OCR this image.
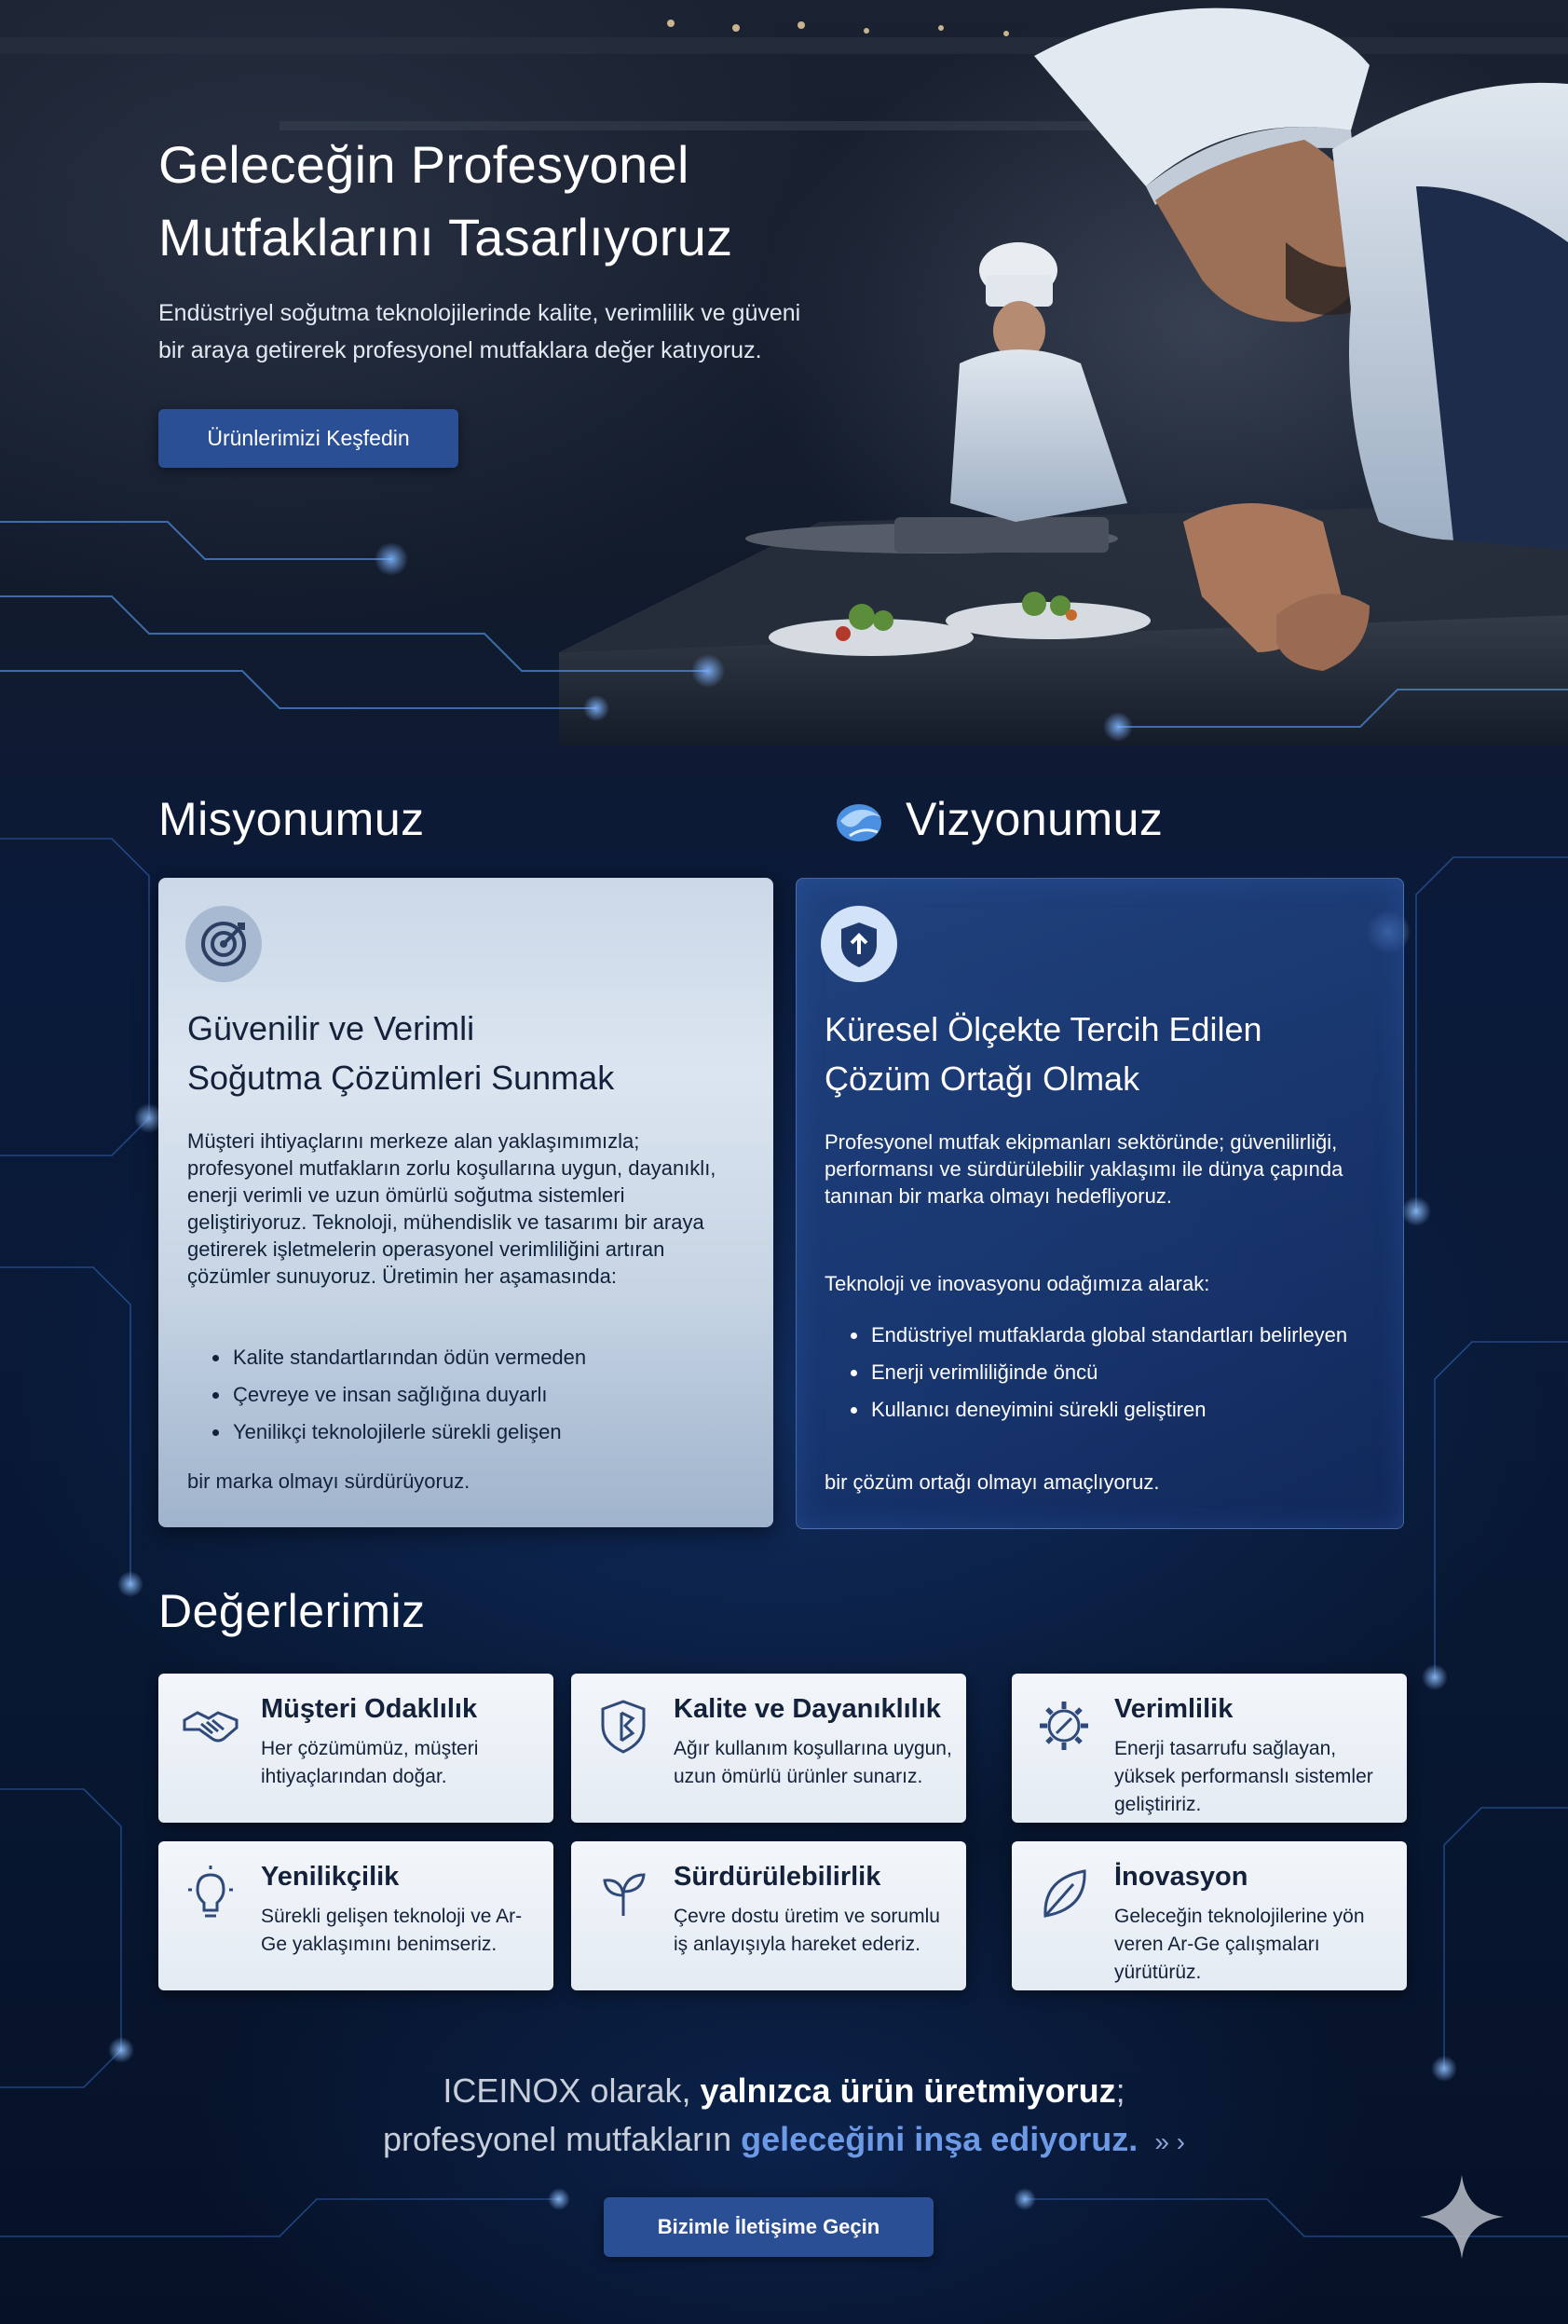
Geleceğin Profesyonel
Mutfaklarını Tasarlıyoruz

Endüstriyel soğutma teknolojilerinde kalite, verimlilik ve güveni
bir araya getirerek profesyonel mutfaklara değer katıyoruz.

Ürünlerimizi Keşfedin
Misyonumuz	Vizyonumuz
Güvenilir ve Verimli
Soğutma Çözümleri Sunmak

Müşteri ihtiyaçlarını merkeze alan yaklaşımımızla; profesyonel mutfakların zorlu koşullarına uygun, dayanıklı, enerji verimli ve uzun ömürlü soğutma sistemleri geliştiriyoruz. Teknoloji, mühendislik ve tasarımı bir araya getirerek işletmelerin operasyonel verimliliğini artıran çözümler sunuyoruz. Üretimin her aşamasında:

• Kalite standartlarından ödün vermeden
• Çevreye ve insan sağlığına duyarlı
• Yenilikçi teknolojilerle sürekli gelişen

bir marka olmayı sürdürüyoruz.

Küresel Ölçekte Tercih Edilen
Çözüm Ortağı Olmak

Profesyonel mutfak ekipmanları sektöründe; güvenilirliği, performansı ve sürdürülebilir yaklaşımı ile dünya çapında tanınan bir marka olmayı hedefliyoruz.

Teknoloji ve inovasyonu odağımıza alarak:

• Endüstriyel mutfaklarda global standartları belirleyen
• Enerji verimliliğinde öncü
• Kullanıcı deneyimini sürekli geliştiren

bir çözüm ortağı olmayı amaçlıyoruz.

Değerlerimiz
Müşteri Odaklılık

Her çözümümüz, müşteri ihtiyaçlarından doğar.

Kalite ve Dayanıklılık

Ağır kullanım koşullarına uygun, uzun ömürlü ürünler sunarız.

Verimlilik

Enerji tasarrufu sağlayan, yüksek performanslı sistemler geliştiririz.

Yenilikçilik

Sürekli gelişen teknoloji ve Ar-Ge yaklaşımını benimseriz.

Sürdürülebilirlik

Çevre dostu üretim ve sorumlu iş anlayışıyla hareket ederiz.

İnovasyon

Geleceğin teknolojilerine yön veren Ar-Ge çalışmaları yürütürüz.

ICEINOX olarak, yalnızca ürün üretmiyoruz;

profesyonel mutfakların geleceğini inşa ediyoruz. » ›

Bizimle İletişime Geçin
